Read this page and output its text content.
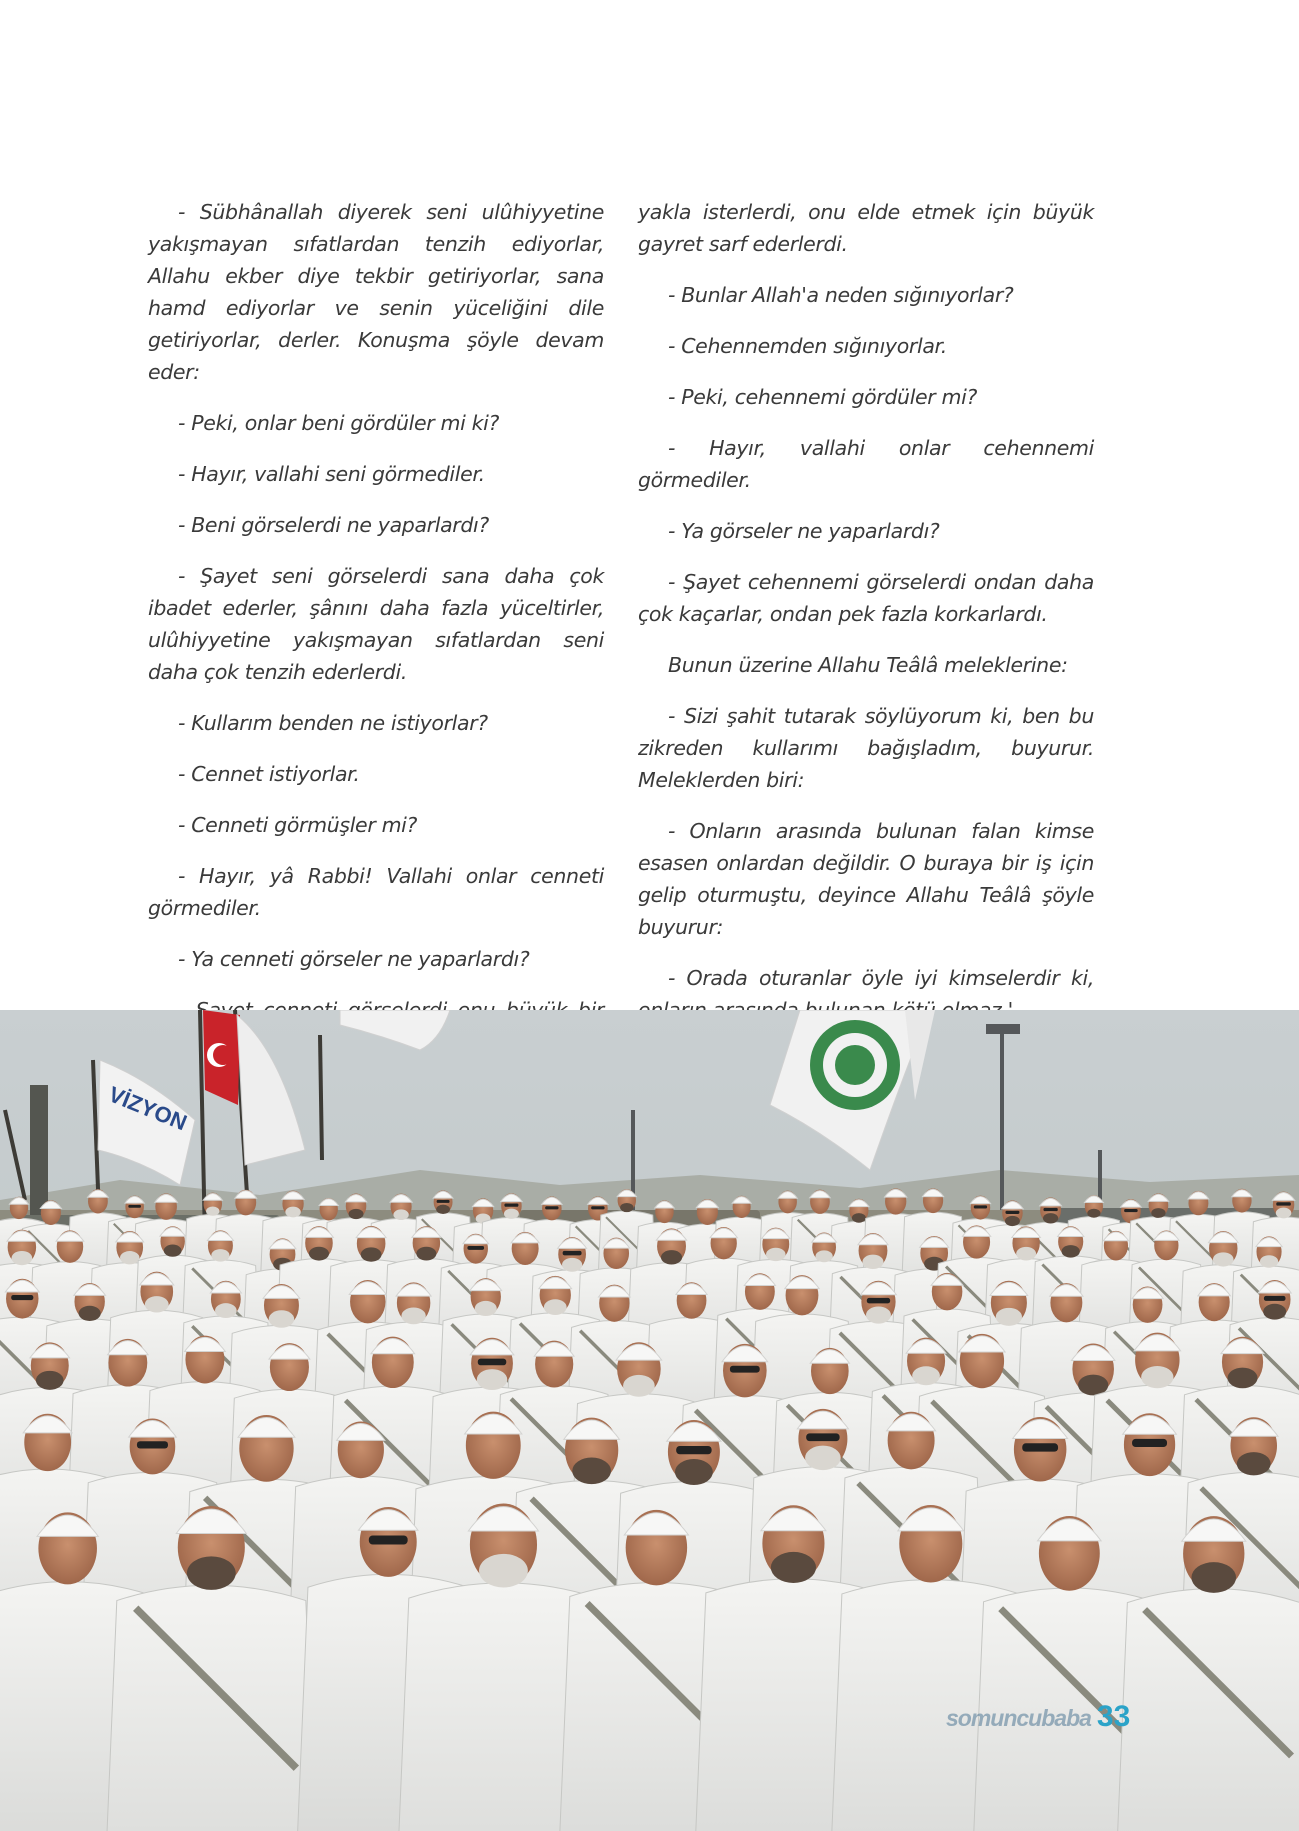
- Sübhânallah diyerek seni ulûhiyyetine yakışmayan sıfatlardan tenzih ediyorlar, Allahu ekber diye tekbir getiriyorlar, sana hamd ediyorlar ve senin yüceliğini dile getiriyorlar, derler. Konuşma şöyle devam eder:

- Peki, onlar beni gördüler mi ki?

- Hayır, vallahi seni görmediler.

- Beni görselerdi ne yaparlardı?

- Şayet seni görselerdi sana daha çok ibadet ederler, şânını daha fazla yüceltirler, ulûhiyyetine yakışmayan sıfatlardan seni daha çok tenzih ederlerdi.

- Kullarım benden ne istiyorlar?

- Cennet istiyorlar.

- Cenneti görmüşler mi?

- Hayır, yâ Rabbi! Vallahi onlar cenneti görmediler.

- Ya cenneti görseler ne yaparlardı?

yakla isterlerdi, onu elde etmek için büyük gayret sarf ederlerdi.

- Bunlar Allah'a neden sığınıyorlar?

- Cehennemden sığınıyorlar.

- Peki, cehennemi gördüler mi?

- Hayır, vallahi onlar cehennemi görmediler.

- Ya görseler ne yaparlardı?

- Şayet cehennemi görselerdi ondan daha çok kaçarlar, ondan pek fazla korkarlardı.

Bunun üzerine Allahu Teâlâ meleklerine:

- Sizi şahit tutarak söylüyorum ki, ben bu zikreden kullarımı bağışladım, buyurur. Meleklerden biri:

- Onların arasında bulunan falan kimse esasen onlardan değildir. O buraya bir iş için gelip oturmuştu, deyince Allahu Teâlâ şöyle buyurur:

- Orada oturanlar öyle iyi kimselerdir ki,

VİZYON
somuncubaba 33
